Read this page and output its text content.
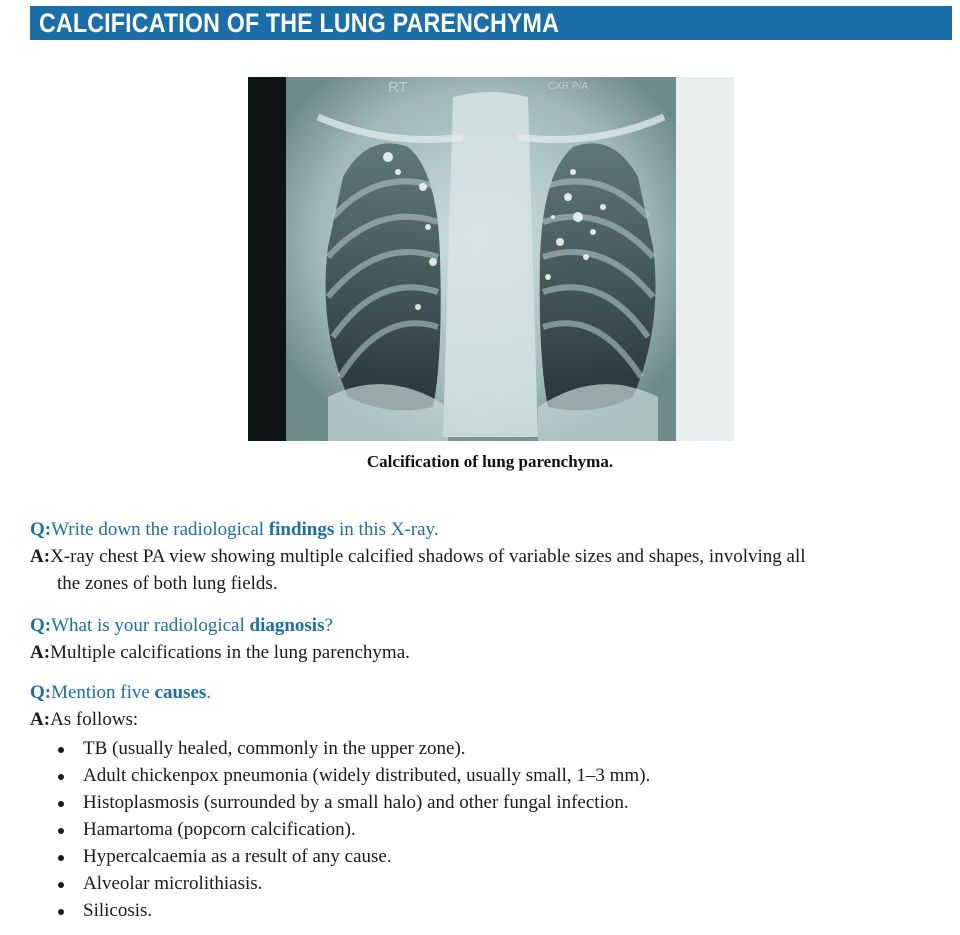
CALCIFICATION OF THE LUNG PARENCHYMA
RT	CXR P/A
Calcification of lung parenchyma.
Q:Write down the radiological findings in this X-ray.
A:X-ray chest PA view showing multiple calcified shadows of variable sizes and shapes, involving all
the zones of both lung fields.
Q:What is your radiological diagnosis?
A:Multiple calcifications in the lung parenchyma.
Q:Mention five causes.
A:As follows:
TB (usually healed, commonly in the upper zone).
Adult chickenpox pneumonia (widely distributed, usually small, 1–3 mm).
Histoplasmosis (surrounded by a small halo) and other fungal infection.
Hamartoma (popcorn calcification).
Hypercalcaemia as a result of any cause.
Alveolar microlithiasis.
Silicosis.
